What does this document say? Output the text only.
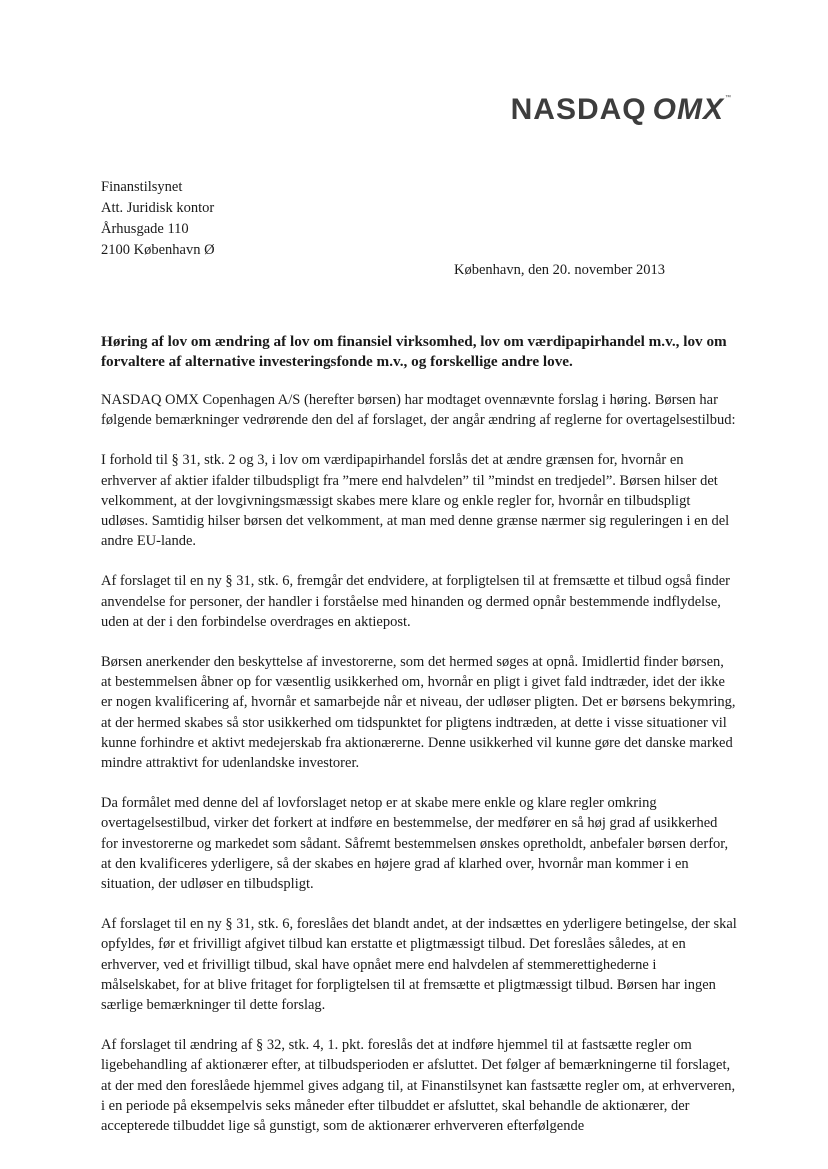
NASDAQ OMX™
Finanstilsynet
Att. Juridisk kontor
Århusgade 110
2100 København Ø
København, den 20. november 2013
Høring af lov om ændring af lov om finansiel virksomhed, lov om værdipapirhandel m.v., lov om forvaltere af alternative investeringsfonde m.v., og forskellige andre love.

NASDAQ OMX Copenhagen A/S (herefter børsen) har modtaget ovennævnte forslag i høring. Børsen har følgende bemærkninger vedrørende den del af forslaget, der angår ændring af reglerne for overtagelsestilbud:

I forhold til § 31, stk. 2 og 3, i lov om værdipapirhandel forslås det at ændre grænsen for, hvornår en erhverver af aktier ifalder tilbudspligt fra ”mere end halvdelen” til ”mindst en tredjedel”. Børsen hilser det velkomment, at der lovgivningsmæssigt skabes mere klare og enkle regler for, hvornår en tilbudspligt udløses. Samtidig hilser børsen det velkomment, at man med denne grænse nærmer sig reguleringen i en del andre EU-lande.

Af forslaget til en ny § 31, stk. 6, fremgår det endvidere, at forpligtelsen til at fremsætte et tilbud også finder anvendelse for personer, der handler i forståelse med hinanden og dermed opnår bestemmende indflydelse, uden at der i den forbindelse overdrages en aktiepost.

Børsen anerkender den beskyttelse af investorerne, som det hermed søges at opnå. Imidlertid finder børsen, at bestemmelsen åbner op for væsentlig usikkerhed om, hvornår en pligt i givet fald indtræder, idet der ikke er nogen kvalificering af, hvornår et samarbejde når et niveau, der udløser pligten. Det er børsens bekymring, at der hermed skabes så stor usikkerhed om tidspunktet for pligtens indtræden, at dette i visse situationer vil kunne forhindre et aktivt medejerskab fra aktionærerne. Denne usikkerhed vil kunne gøre det danske marked mindre attraktivt for udenlandske investorer.

Da formålet med denne del af lovforslaget netop er at skabe mere enkle og klare regler omkring overtagelsestilbud, virker det forkert at indføre en bestemmelse, der medfører en så høj grad af usikkerhed for investorerne og markedet som sådant. Såfremt bestemmelsen ønskes opretholdt, anbefaler børsen derfor, at den kvalificeres yderligere, så der skabes en højere grad af klarhed over, hvornår man kommer i en situation, der udløser en tilbudspligt.

Af forslaget til en ny § 31, stk. 6, foreslåes det blandt andet, at der indsættes en yderligere betingelse, der skal opfyldes, før et frivilligt afgivet tilbud kan erstatte et pligtmæssigt tilbud. Det foreslåes således, at en erhverver, ved et frivilligt tilbud, skal have opnået mere end halvdelen af stemmerettighederne i målselskabet, for at blive fritaget for forpligtelsen til at fremsætte et pligtmæssigt tilbud. Børsen har ingen særlige bemærkninger til dette forslag.

Af forslaget til ændring af § 32, stk. 4, 1. pkt. foreslås det at indføre hjemmel til at fastsætte regler om ligebehandling af aktionærer efter, at tilbudsperioden er afsluttet. Det følger af bemærkningerne til forslaget, at der med den foreslåede hjemmel gives adgang til, at Finanstilsynet kan fastsætte regler om, at erhververen, i en periode på eksempelvis seks måneder efter tilbuddet er afsluttet, skal behandle de aktionærer, der accepterede tilbuddet lige så gunstigt, som de aktionærer erhververen efterfølgende
